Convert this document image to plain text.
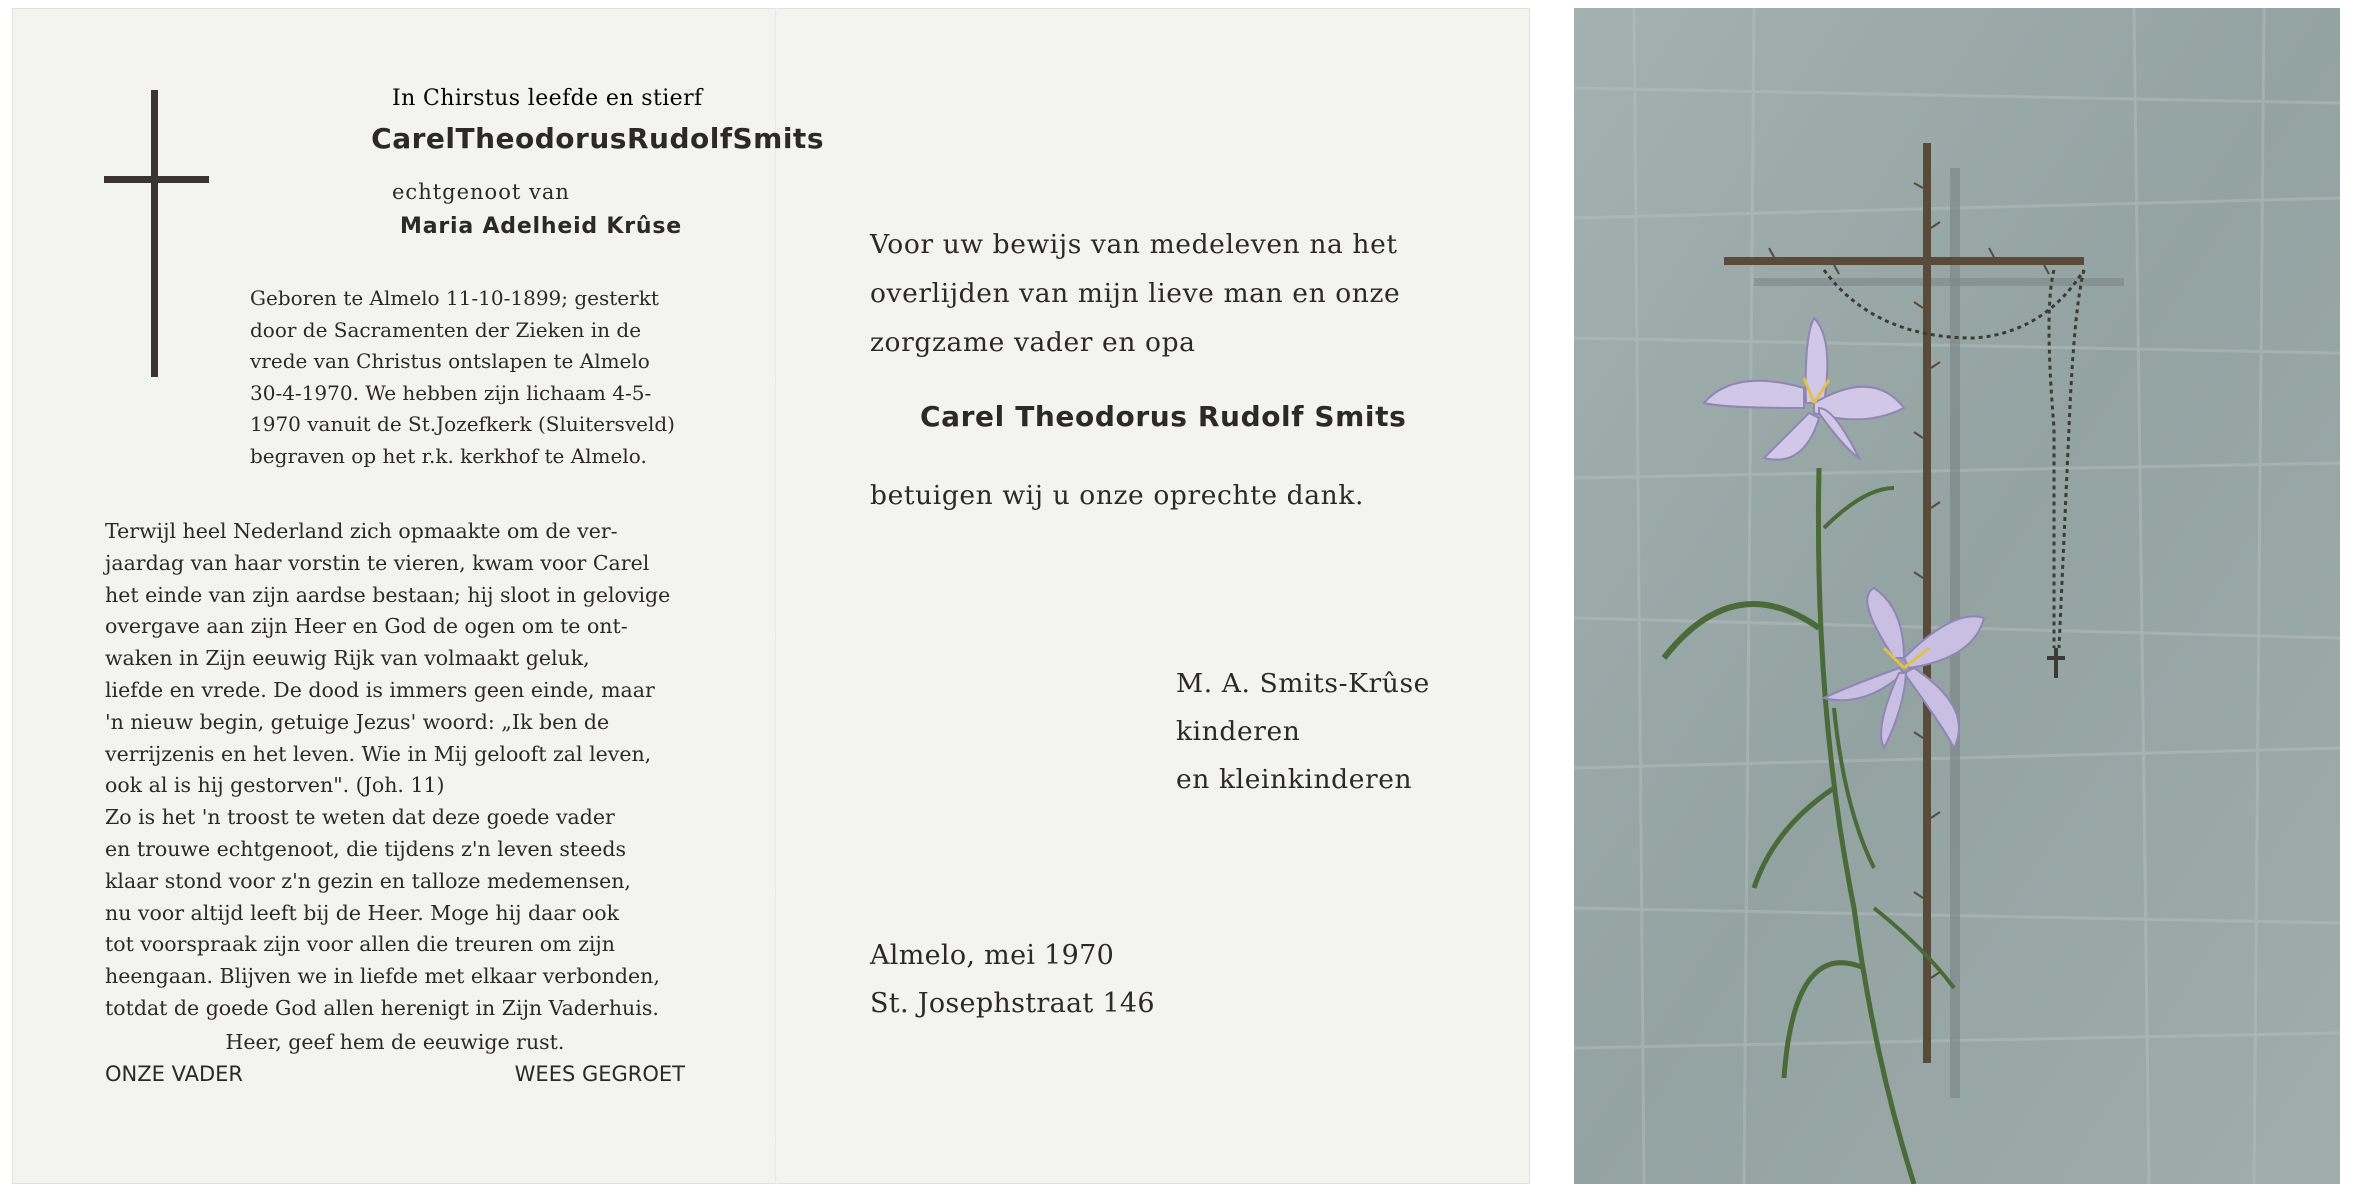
In Chirstus leefde en stierf
CarelTheodorusRudolfSmits
echtgenoot van
Maria Adelheid Krûse
Geboren te Almelo 11-10-1899; gesterkt
door de Sacramenten der Zieken in de
vrede van Christus ontslapen te Almelo
30-4-1970. We hebben zijn lichaam 4-5-
1970 vanuit de St.Jozefkerk (Sluitersveld)
begraven op het r.k. kerkhof te Almelo.
Terwijl heel Nederland zich opmaakte om de ver-
jaardag van haar vorstin te vieren, kwam voor Carel
het einde van zijn aardse bestaan; hij sloot in gelovige
overgave aan zijn Heer en God de ogen om te ont-
waken in Zijn eeuwig Rijk van volmaakt geluk,
liefde en vrede. De dood is immers geen einde, maar
'n nieuw begin, getuige Jezus' woord: „Ik ben de
verrijzenis en het leven. Wie in Mij gelooft zal leven,
ook al is hij gestorven". (Joh. 11)
Zo is het 'n troost te weten dat deze goede vader
en trouwe echtgenoot, die tijdens z'n leven steeds
klaar stond voor z'n gezin en talloze medemensen,
nu voor altijd leeft bij de Heer. Moge hij daar ook
tot voorspraak zijn voor allen die treuren om zijn
heengaan. Blijven we in liefde met elkaar verbonden,
totdat de goede God allen herenigt in Zijn Vaderhuis.
Heer, geef hem de eeuwige rust.
ONZE VADER	WEES GEGROET
Voor uw bewijs van medeleven na het
overlijden van mijn lieve man en onze
zorgzame vader en opa
Carel Theodorus Rudolf Smits
betuigen wij u onze oprechte dank.
M. A. Smits-Krûse
kinderen
en kleinkinderen
Almelo, mei 1970
St. Josephstraat 146
